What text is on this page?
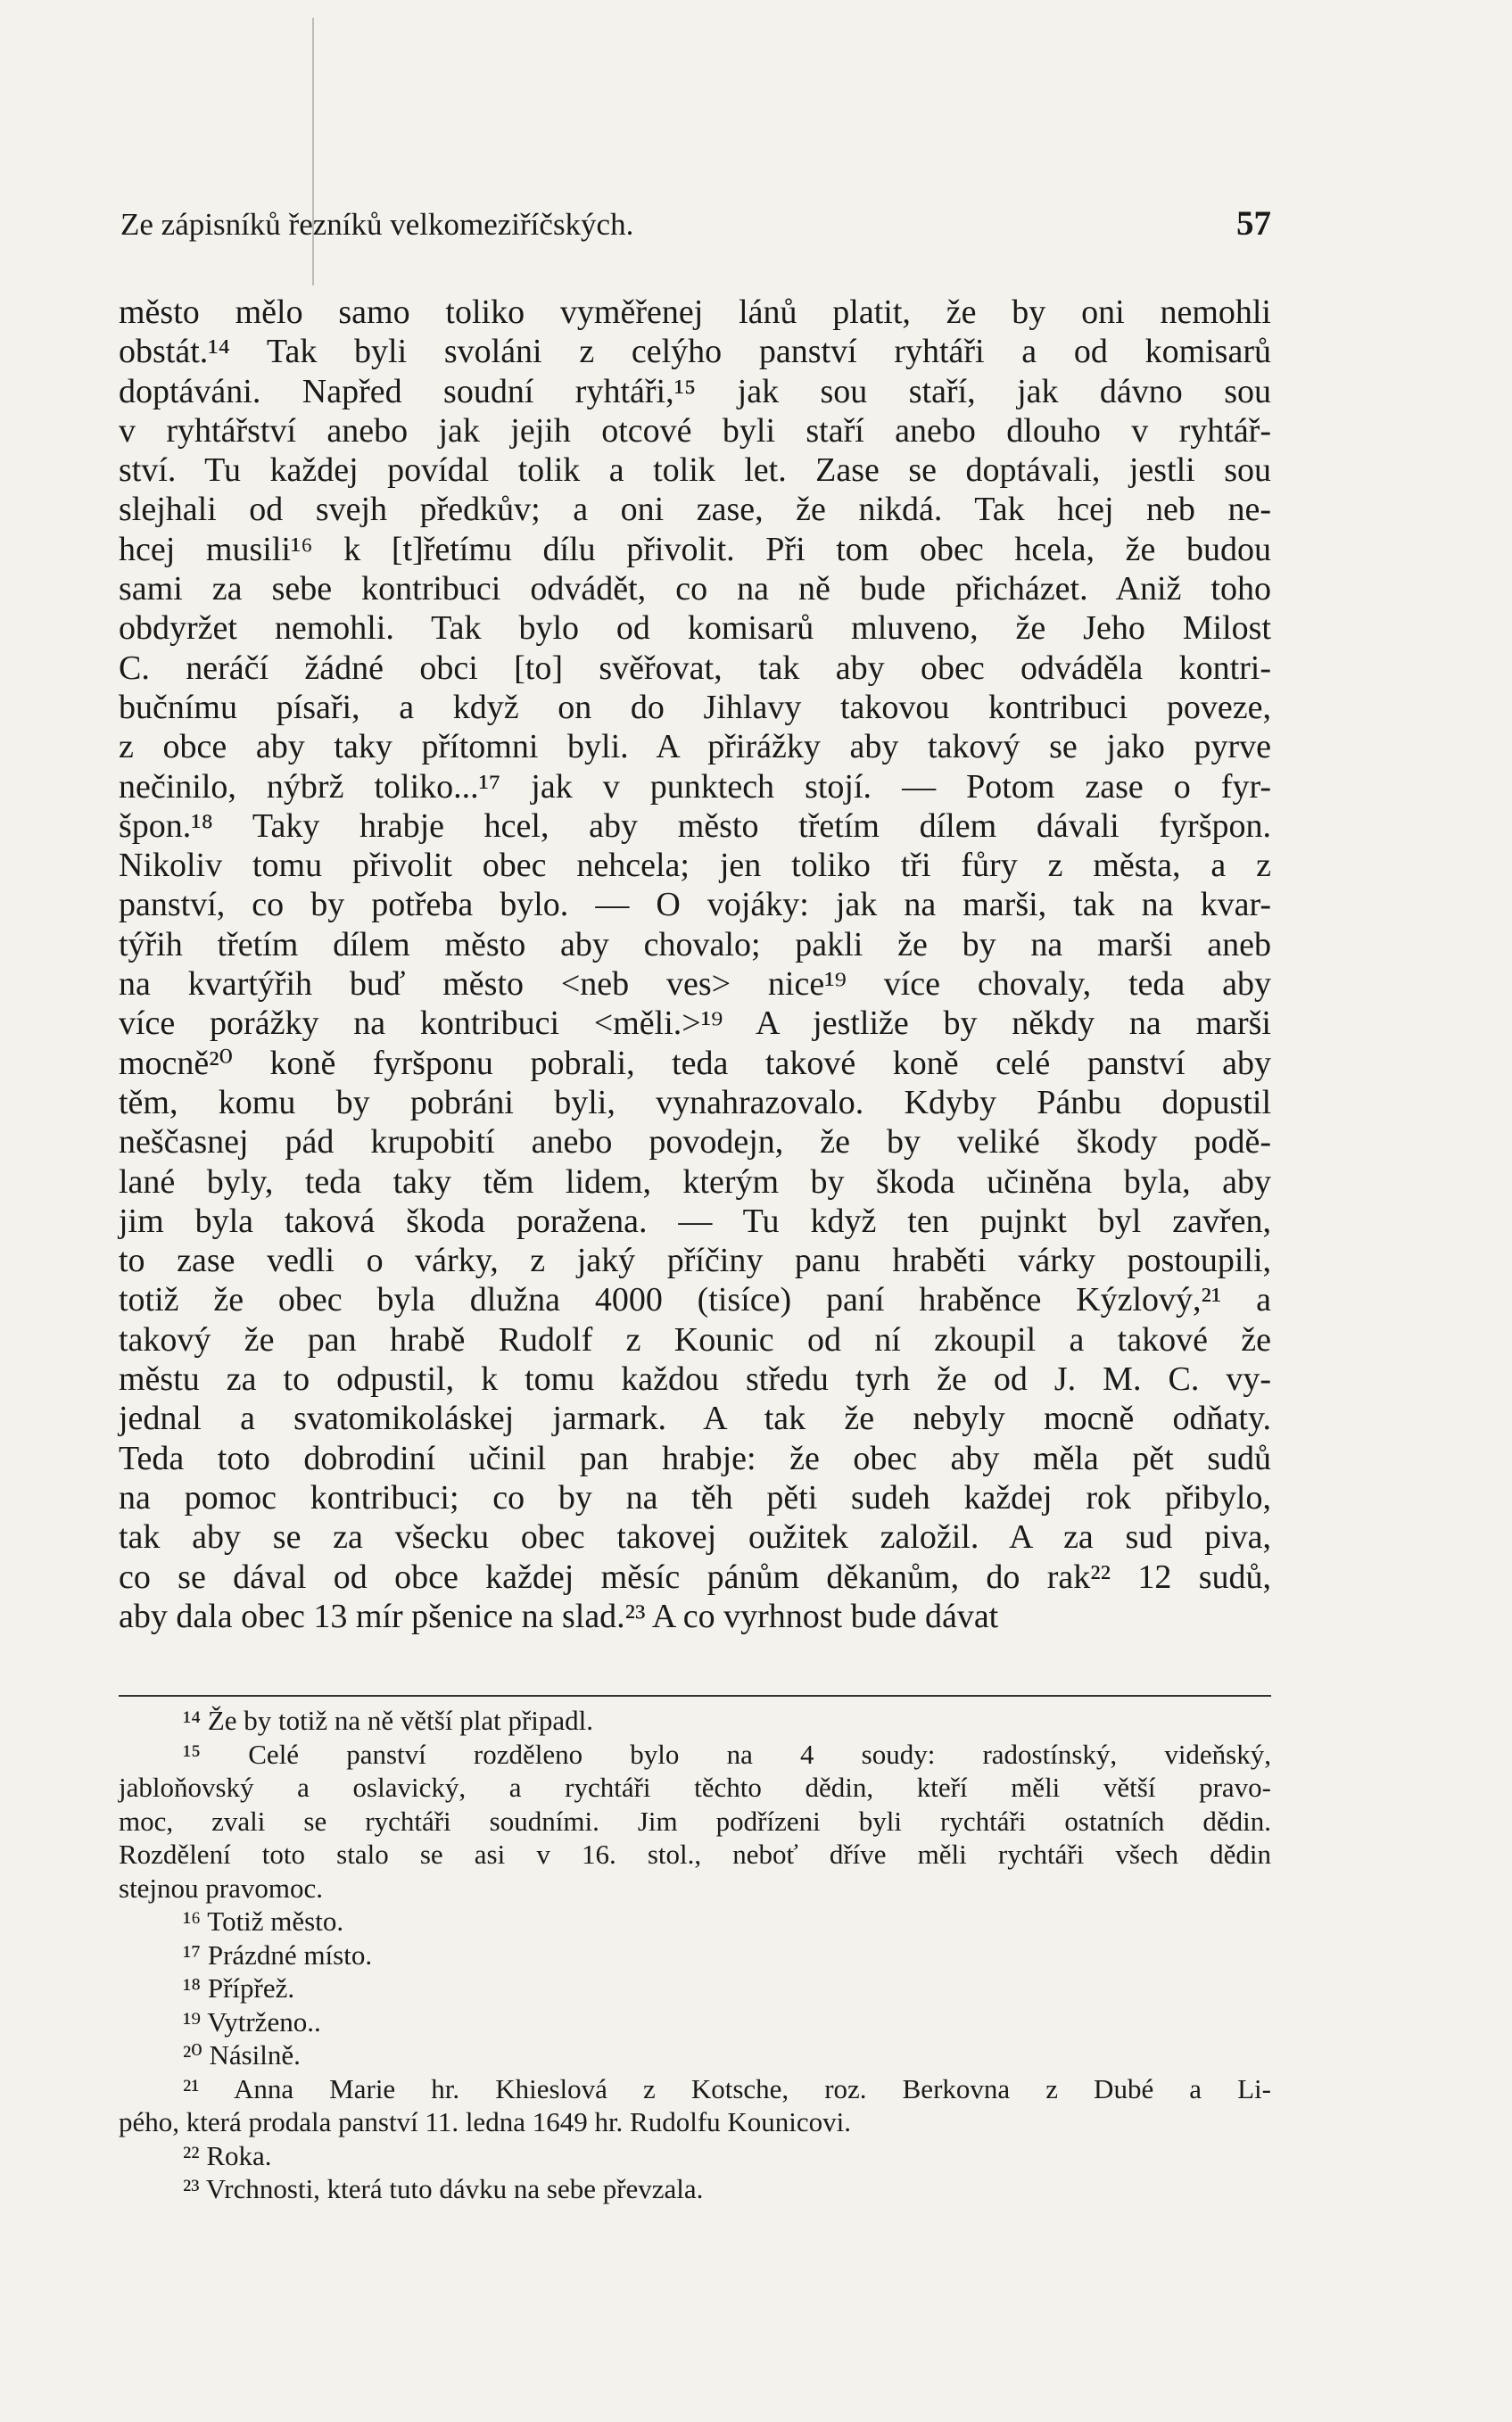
Ze zápisníků řezníků velkomeziříčských.	57
město mělo samo toliko vyměřenej lánů platit, že by oni nemohli
obstát.¹⁴ Tak byli svoláni z celýho panství ryhtáři a od komisarů
doptáváni. Napřed soudní ryhtáři,¹⁵ jak sou staří, jak dávno sou
v ryhtářství anebo jak jejih otcové byli staří anebo dlouho v ryhtář-
ství. Tu každej povídal tolik a tolik let. Zase se doptávali, jestli sou
slejhali od svejh předkův; a oni zase, že nikdá. Tak hcej neb ne-
hcej musili¹⁶ k [t]řetímu dílu přivolit. Při tom obec hcela, že budou
sami za sebe kontribuci odvádět, co na ně bude přicházet. Aniž toho
obdyržet nemohli. Tak bylo od komisarů mluveno, že Jeho Milost
C. neráčí žádné obci [to] svěřovat, tak aby obec odváděla kontri-
bučnímu písaři, a když on do Jihlavy takovou kontribuci poveze,
z obce aby taky přítomni byli. A přirážky aby takový se jako pyrve
nečinilo, nýbrž toliko...¹⁷ jak v punktech stojí. — Potom zase o fyr-
špon.¹⁸ Taky hrabje hcel, aby město třetím dílem dávali fyršpon.
Nikoliv tomu přivolit obec nehcela; jen toliko tři fůry z města, a z
panství, co by potřeba bylo. — O vojáky: jak na marši, tak na kvar-
týřih třetím dílem město aby chovalo; pakli že by na marši aneb
na kvartýřih buď město <neb ves> nice¹⁹ více chovaly, teda aby
více porážky na kontribuci <měli.>¹⁹ A jestliže by někdy na marši
mocně²⁰ koně fyršponu pobrali, teda takové koně celé panství aby
těm, komu by pobráni byli, vynahrazovalo. Kdyby Pánbu dopustil
neščasnej pád krupobití anebo povodejn, že by veliké škody podě-
lané byly, teda taky těm lidem, kterým by škoda učiněna byla, aby
jim byla taková škoda poražena. — Tu když ten pujnkt byl zavřen,
to zase vedli o várky, z jaký příčiny panu hraběti várky postoupili,
totiž že obec byla dlužna 4000 (tisíce) paní hraběnce Kýzlový,²¹ a
takový že pan hrabě Rudolf z Kounic od ní zkoupil a takové že
městu za to odpustil, k tomu každou středu tyrh že od J. M. C. vy-
jednal a svatomikoláskej jarmark. A tak že nebyly mocně odňaty.
Teda toto dobrodiní učinil pan hrabje: že obec aby měla pět sudů
na pomoc kontribuci; co by na těh pěti sudeh každej rok přibylo,
tak aby se za všecku obec takovej oužitek založil. A za sud piva,
co se dával od obce každej měsíc pánům děkanům, do rak²² 12 sudů,
aby dala obec 13 mír pšenice na slad.²³ A co vyrhnost bude dávat
¹⁴ Že by totiž na ně větší plat připadl.
¹⁵ Celé panství rozděleno bylo na 4 soudy: radostínský, videňský,
jabloňovský a oslavický, a rychtáři těchto dědin, kteří měli větší pravo-
moc, zvali se rychtáři soudními. Jim podřízeni byli rychtáři ostatních dědin.
Rozdělení toto stalo se asi v 16. stol., neboť dříve měli rychtáři všech dědin
stejnou pravomoc.
¹⁶ Totiž město.
¹⁷ Prázdné místo.
¹⁸ Přípřež.
¹⁹ Vytrženo..
²⁰ Násilně.
²¹ Anna Marie hr. Khieslová z Kotsche, roz. Berkovna z Dubé a Li-
pého, která prodala panství 11. ledna 1649 hr. Rudolfu Kounicovi.
²² Roka.
²³ Vrchnosti, která tuto dávku na sebe převzala.
